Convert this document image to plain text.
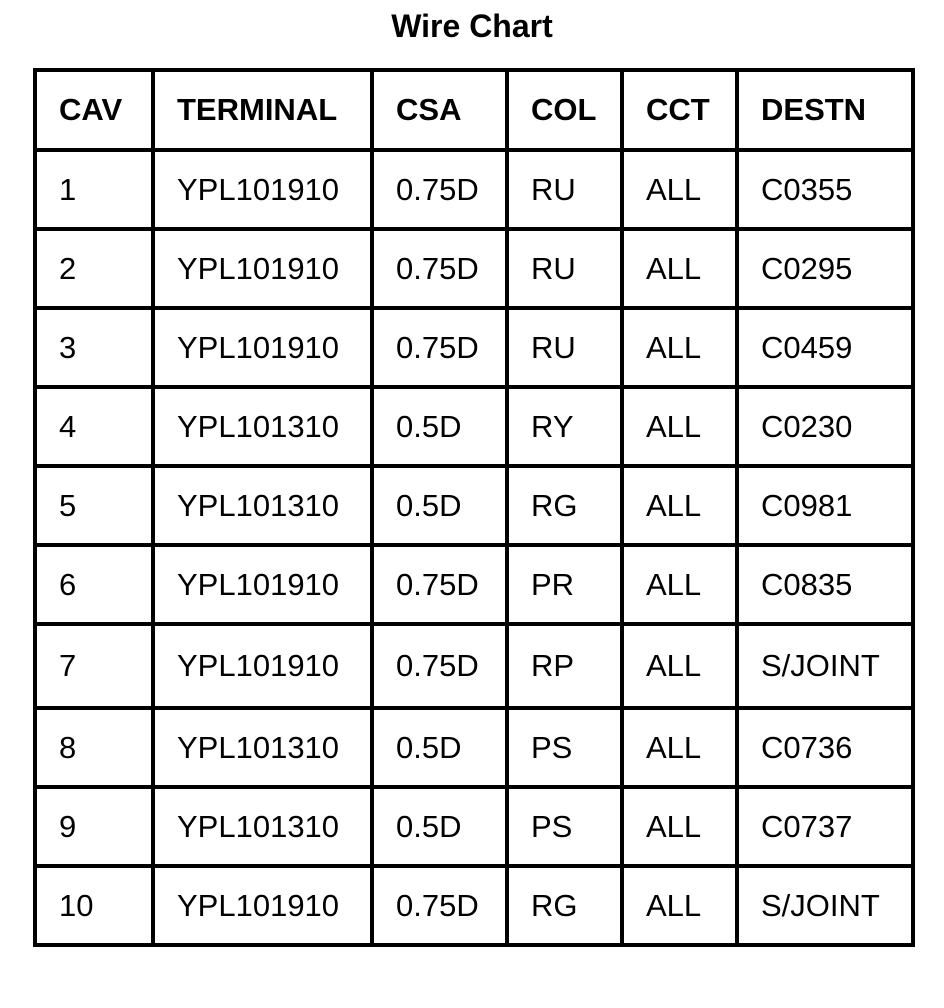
Wire Chart
CAV	TERMINAL	CSA	COL	CCT	DESTN
1	YPL101910	0.75D	RU	ALL	C0355
2	YPL101910	0.75D	RU	ALL	C0295
3	YPL101910	0.75D	RU	ALL	C0459
4	YPL101310	0.5D	RY	ALL	C0230
5	YPL101310	0.5D	RG	ALL	C0981
6	YPL101910	0.75D	PR	ALL	C0835
7	YPL101910	0.75D	RP	ALL	S/JOINT
8	YPL101310	0.5D	PS	ALL	C0736
9	YPL101310	0.5D	PS	ALL	C0737
10	YPL101910	0.75D	RG	ALL	S/JOINT
